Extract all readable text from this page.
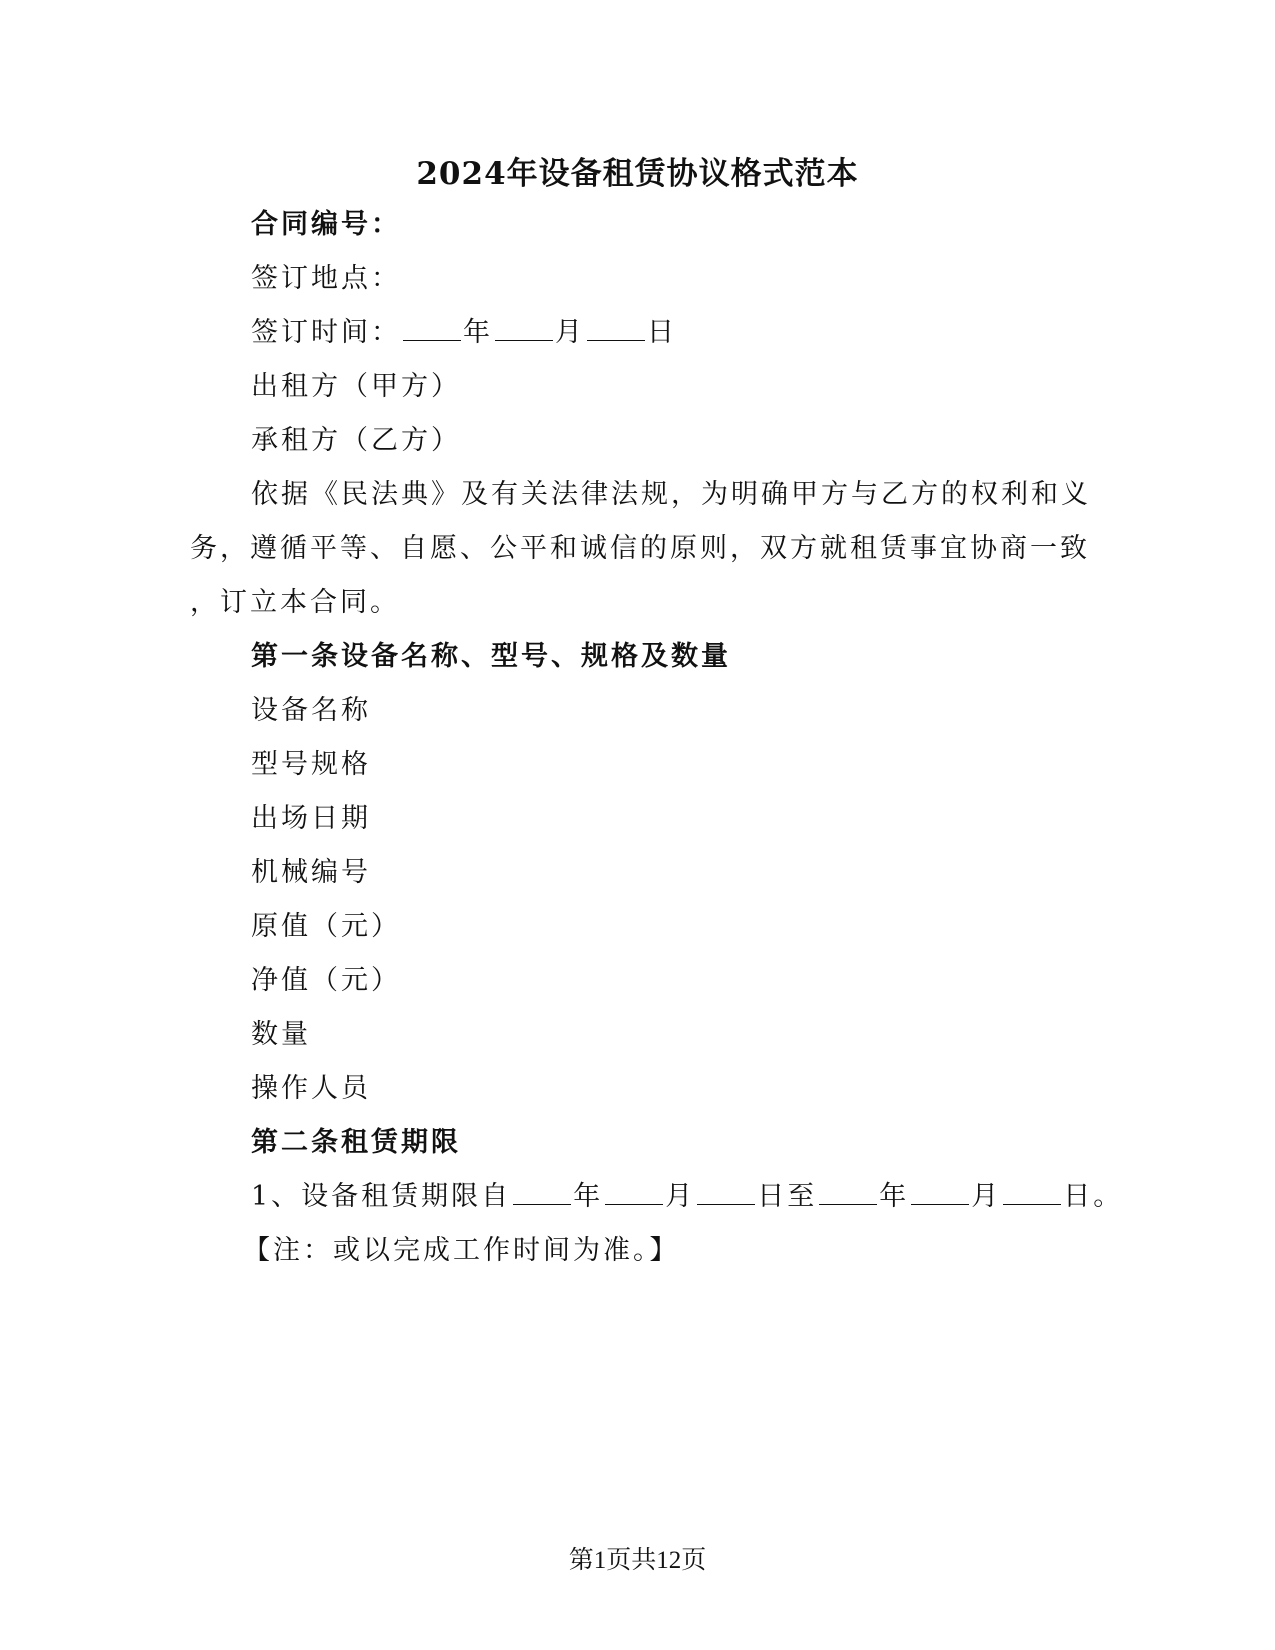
2024年设备租赁协议格式范本
合同编号：
签订地点：
签订时间： 年 月 日
出租方（甲方）
承租方（乙方）
依据《民法典》及有关法律法规，为明确甲方与乙方的权利和义
务，遵循平等、自愿、公平和诚信的原则，双方就租赁事宜协商一致
，订立本合同。
第一条设备名称、型号、规格及数量
设备名称
型号规格
出场日期
机械编号
原值（元）
净值（元）
数量
操作人员
第二条租赁期限
1、设备租赁期限自 年 月 日至 年 月 日。
【注：或以完成工作时间为准。】
第1页共12页
